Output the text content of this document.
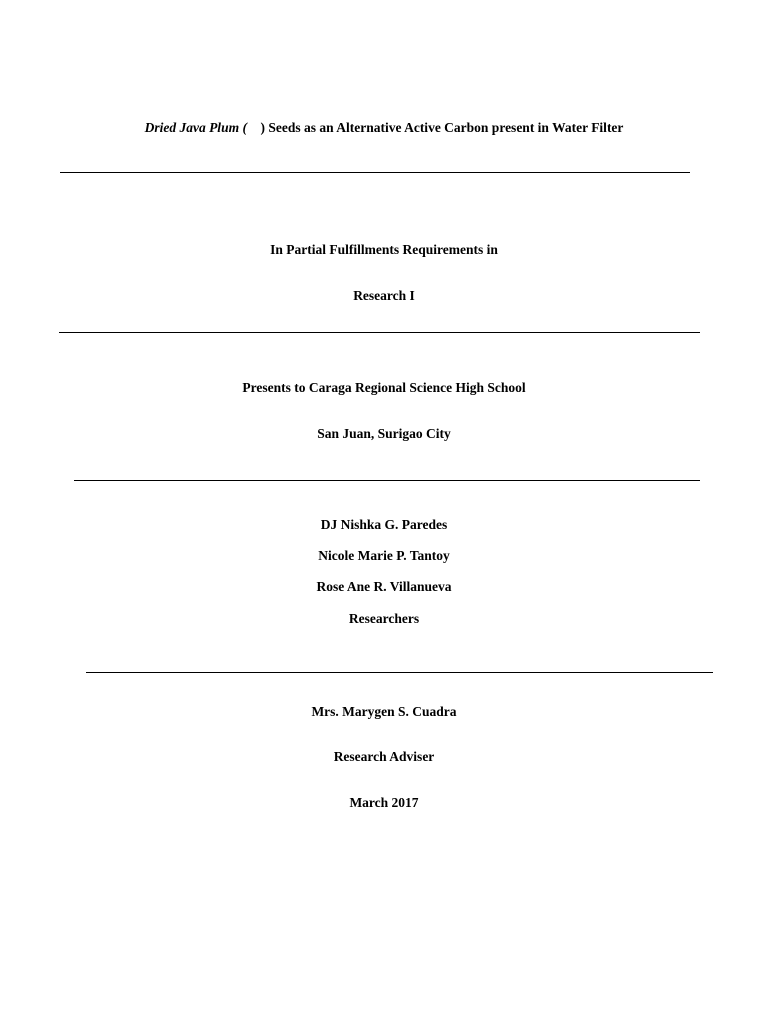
Dried Java Plum ( ) Seeds as an Alternative Active Carbon present in Water Filter
In Partial Fulfillments Requirements in
Research I
Presents to Caraga Regional Science High School
San Juan, Surigao City
DJ Nishka G. Paredes
Nicole Marie P. Tantoy
Rose Ane R. Villanueva
Researchers
Mrs. Marygen S. Cuadra
Research Adviser
March 2017
